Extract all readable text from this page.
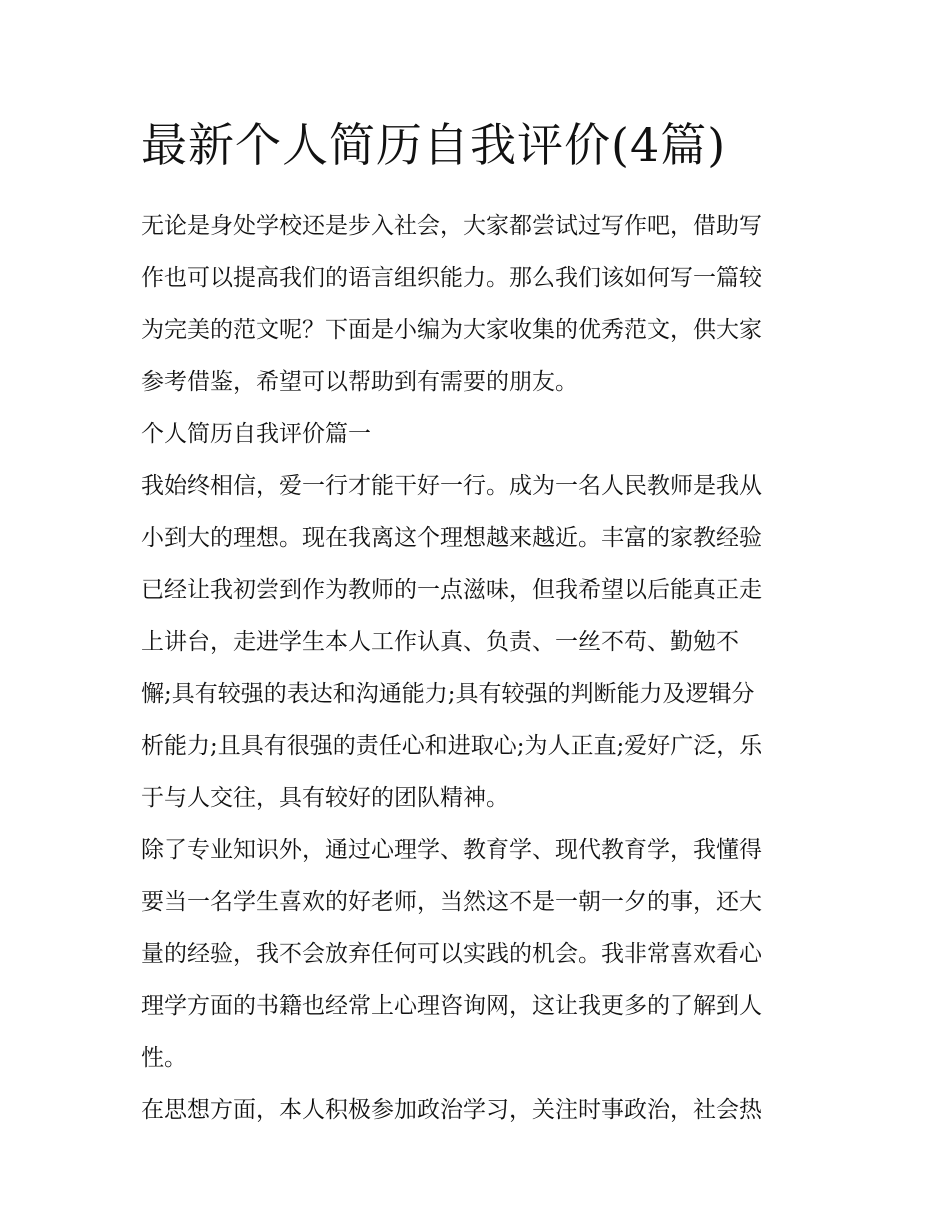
最新个人简历自我评价(4篇)

无论是身处学校还是步入社会，大家都尝试过写作吧，借助写
作也可以提高我们的语言组织能力。那么我们该如何写一篇较
为完美的范文呢？下面是小编为大家收集的优秀范文，供大家
参考借鉴，希望可以帮助到有需要的朋友。

个人简历自我评价篇一

我始终相信，爱一行才能干好一行。成为一名人民教师是我从
小到大的理想。现在我离这个理想越来越近。丰富的家教经验
已经让我初尝到作为教师的一点滋味，但我希望以后能真正走
上讲台，走进学生本人工作认真、负责、一丝不苟、勤勉不
懈;具有较强的表达和沟通能力;具有较强的判断能力及逻辑分
析能力;且具有很强的责任心和进取心;为人正直;爱好广泛，乐
于与人交往，具有较好的团队精神。

除了专业知识外，通过心理学、教育学、现代教育学，我懂得
要当一名学生喜欢的好老师，当然这不是一朝一夕的事，还大
量的经验，我不会放弃任何可以实践的机会。我非常喜欢看心
理学方面的书籍也经常上心理咨询网，这让我更多的了解到人
性。

在思想方面，本人积极参加政治学习，关注时事政治，社会热
